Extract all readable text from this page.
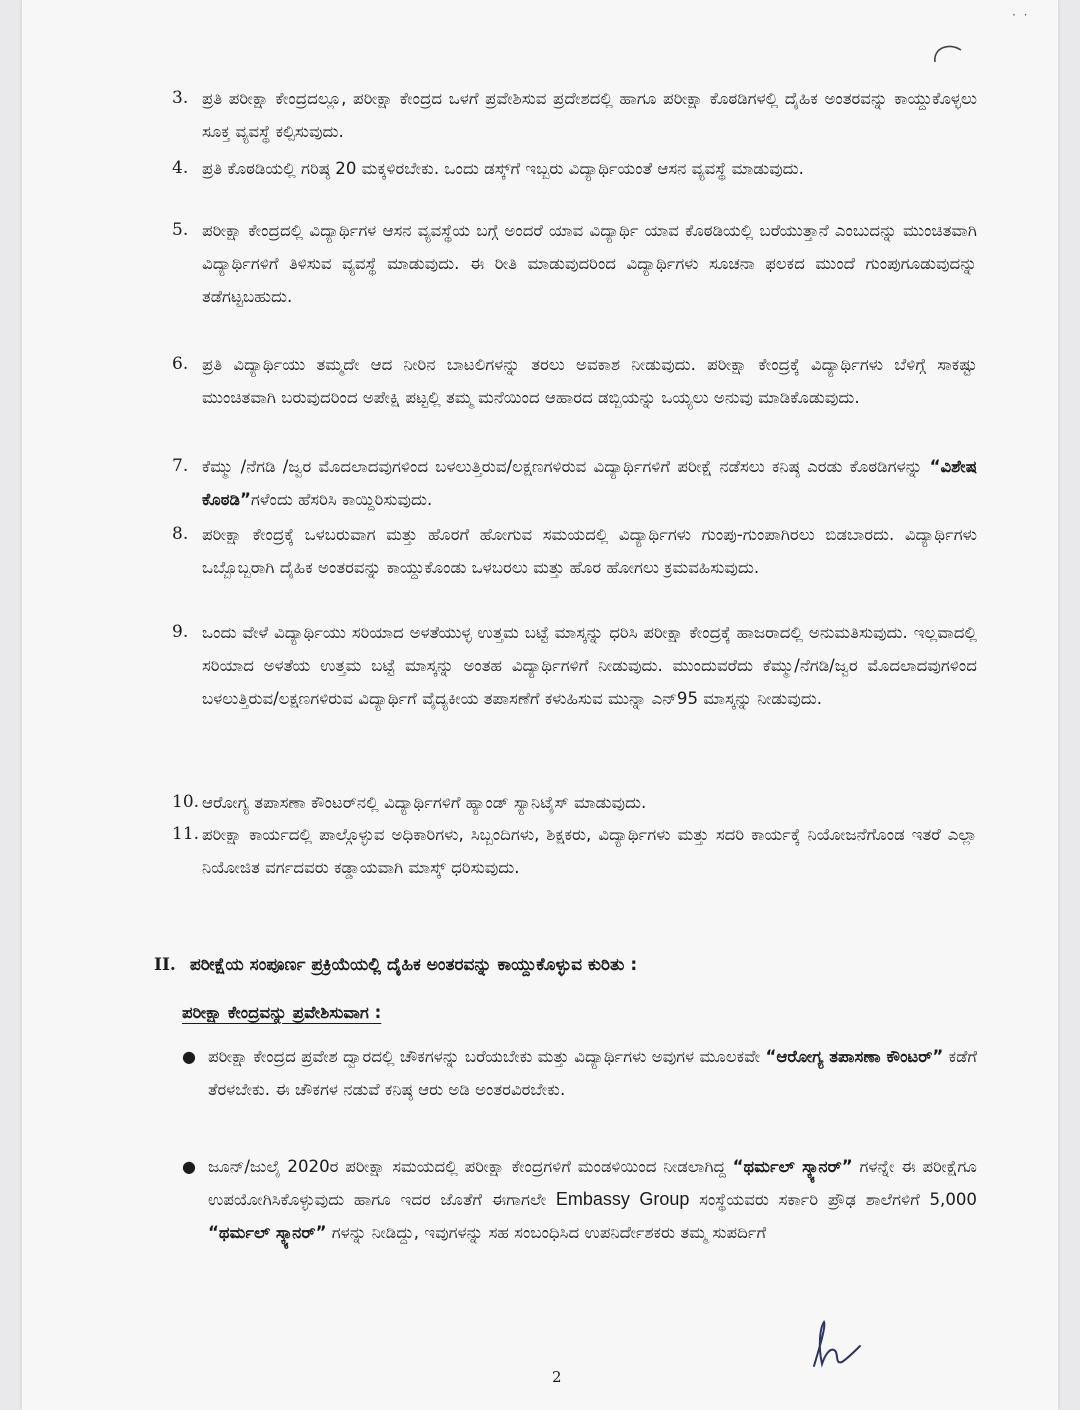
· ·
3. ಪ್ರತಿ ಪರೀಕ್ಷಾ ಕೇಂದ್ರದಲ್ಲೂ, ಪರೀಕ್ಷಾ ಕೇಂದ್ರದ ಒಳಗೆ ಪ್ರವೇಶಿಸುವ ಪ್ರದೇಶದಲ್ಲಿ ಹಾಗೂ ಪರೀಕ್ಷಾ ಕೊಠಡಿಗಳಲ್ಲಿ ದೈಹಿಕ ಅಂತರವನ್ನು ಕಾಯ್ದುಕೊಳ್ಳಲು ಸೂಕ್ತ ವ್ಯವಸ್ಥೆ ಕಲ್ಪಿಸುವುದು.
4. ಪ್ರತಿ ಕೊಠಡಿಯಲ್ಲಿ ಗರಿಷ್ಠ 20 ಮಕ್ಕಳಿರಬೇಕು. ಒಂದು ಡಸ್ಕ್‌ಗೆ ಇಬ್ಬರು ವಿದ್ಯಾರ್ಥಿಯಂತೆ ಆಸನ ವ್ಯವಸ್ಥೆ ಮಾಡುವುದು.
5. ಪರೀಕ್ಷಾ ಕೇಂದ್ರದಲ್ಲಿ ವಿದ್ಯಾರ್ಥಿಗಳ ಆಸನ ವ್ಯವಸ್ಥೆಯ ಬಗ್ಗೆ ಅಂದರೆ ಯಾವ ವಿದ್ಯಾರ್ಥಿ ಯಾವ ಕೊಠಡಿಯಲ್ಲಿ ಬರೆಯುತ್ತಾನೆ ಎಂಬುದನ್ನು ಮುಂಚಿತವಾಗಿ ವಿದ್ಯಾರ್ಥಿಗಳಿಗೆ ತಿಳಿಸುವ ವ್ಯವಸ್ಥೆ ಮಾಡುವುದು. ಈ ರೀತಿ ಮಾಡುವುದರಿಂದ ವಿದ್ಯಾರ್ಥಿಗಳು ಸೂಚನಾ ಫಲಕದ ಮುಂದೆ ಗುಂಪುಗೂಡುವುದನ್ನು ತಡೆಗಟ್ಟಬಹುದು.
6. ಪ್ರತಿ ವಿದ್ಯಾರ್ಥಿಯು ತಮ್ಮದೇ ಆದ ನೀರಿನ ಬಾಟಲಿಗಳನ್ನು ತರಲು ಅವಕಾಶ ನೀಡುವುದು. ಪರೀಕ್ಷಾ ಕೇಂದ್ರಕ್ಕೆ ವಿದ್ಯಾರ್ಥಿಗಳು ಬೆಳಿಗ್ಗೆ ಸಾಕಷ್ಟು ಮುಂಚಿತವಾಗಿ ಬರುವುದರಿಂದ ಅಪೇಕ್ಷಿ ಪಟ್ಟಲ್ಲಿ ತಮ್ಮ ಮನೆಯಿಂದ ಆಹಾರದ ಡಬ್ಬಿಯನ್ನು ಒಯ್ಯಲು ಅನುವು ಮಾಡಿಕೊಡುವುದು.
7. ಕೆಮ್ಮು /ನೆಗಡಿ /ಜ್ವರ ಮೊದಲಾದವುಗಳಿಂದ ಬಳಲುತ್ತಿರುವ/ಲಕ್ಷಣಗಳಿರುವ ವಿದ್ಯಾರ್ಥಿಗಳಿಗೆ ಪರೀಕ್ಷೆ ನಡೆಸಲು ಕನಿಷ್ಠ ಎರಡು ಕೊಠಡಿಗಳನ್ನು “ವಿಶೇಷ ಕೊಠಡಿ”ಗಳೆಂದು ಹೆಸರಿಸಿ ಕಾಯ್ದಿರಿಸುವುದು.
8. ಪರೀಕ್ಷಾ ಕೇಂದ್ರಕ್ಕೆ ಒಳಬರುವಾಗ ಮತ್ತು ಹೊರಗೆ ಹೋಗುವ ಸಮಯದಲ್ಲಿ ವಿದ್ಯಾರ್ಥಿಗಳು ಗುಂಪು-ಗುಂಪಾಗಿರಲು ಬಿಡಬಾರದು. ವಿದ್ಯಾರ್ಥಿಗಳು ಒಬ್ಬೊಬ್ಬರಾಗಿ ದೈಹಿಕ ಅಂತರವನ್ನು ಕಾಯ್ದುಕೊಂಡು ಒಳಬರಲು ಮತ್ತು ಹೊರ ಹೋಗಲು ಕ್ರಮವಹಿಸುವುದು.
9. ಒಂದು ವೇಳೆ ವಿದ್ಯಾರ್ಥಿಯು ಸರಿಯಾದ ಅಳತೆಯುಳ್ಳ ಉತ್ತಮ ಬಟ್ಟೆ ಮಾಸ್ಕನ್ನು ಧರಿಸಿ ಪರೀಕ್ಷಾ ಕೇಂದ್ರಕ್ಕೆ ಹಾಜರಾದಲ್ಲಿ ಅನುಮತಿಸುವುದು. ಇಲ್ಲವಾದಲ್ಲಿ ಸರಿಯಾದ ಅಳತೆಯ ಉತ್ತಮ ಬಟ್ಟೆ ಮಾಸ್ಕನ್ನು ಅಂತಹ ವಿದ್ಯಾರ್ಥಿಗಳಿಗೆ ನೀಡುವುದು. ಮುಂದುವರೆದು ಕೆಮ್ಮು/ನೆಗಡಿ/ಜ್ವರ ಮೊದಲಾದವುಗಳಿಂದ ಬಳಲುತ್ತಿರುವ/ಲಕ್ಷಣಗಳಿರುವ ವಿದ್ಯಾರ್ಥಿಗೆ ವೈದ್ಯಕೀಯ ತಪಾಸಣೆಗೆ ಕಳುಹಿಸುವ ಮುನ್ನಾ ಎನ್95 ಮಾಸ್ಕನ್ನು ನೀಡುವುದು.
10. ಆರೋಗ್ಯ ತಪಾಸಣಾ ಕೌಂಟರ್‌ನಲ್ಲಿ ವಿದ್ಯಾರ್ಥಿಗಳಿಗೆ ಹ್ಯಾಂಡ್ ಸ್ಯಾನಿಟೈಸ್ ಮಾಡುವುದು.
11. ಪರೀಕ್ಷಾ ಕಾರ್ಯದಲ್ಲಿ ಪಾಲ್ಗೊಳ್ಳುವ ಅಧಿಕಾರಿಗಳು, ಸಿಬ್ಬಂದಿಗಳು, ಶಿಕ್ಷಕರು, ವಿದ್ಯಾರ್ಥಿಗಳು ಮತ್ತು ಸದರಿ ಕಾರ್ಯಕ್ಕೆ ನಿಯೋಜನೆಗೊಂಡ ಇತರೆ ಎಲ್ಲಾ ನಿಯೋಜಿತ ವರ್ಗದವರು ಕಡ್ಡಾಯವಾಗಿ ಮಾಸ್ಕ್ ಧರಿಸುವುದು.
II. ಪರೀಕ್ಷೆಯ ಸಂಪೂರ್ಣ ಪ್ರಕ್ರಿಯೆಯಲ್ಲಿ ದೈಹಿಕ ಅಂತರವನ್ನು ಕಾಯ್ದುಕೊಳ್ಳುವ ಕುರಿತು :
ಪರೀಕ್ಷಾ ಕೇಂದ್ರವನ್ನು ಪ್ರವೇಶಿಸುವಾಗ :
● ಪರೀಕ್ಷಾ ಕೇಂದ್ರದ ಪ್ರವೇಶ ದ್ವಾರದಲ್ಲಿ ಚೌಕಗಳನ್ನು ಬರೆಯಬೇಕು ಮತ್ತು ವಿದ್ಯಾರ್ಥಿಗಳು ಅವುಗಳ ಮೂಲಕವೇ “ಆರೋಗ್ಯ ತಪಾಸಣಾ ಕೌಂಟರ್” ಕಡೆಗೆ ತೆರಳಬೇಕು. ಈ ಚೌಕಗಳ ನಡುವೆ ಕನಿಷ್ಠ ಆರು ಅಡಿ ಅಂತರವಿರಬೇಕು.
● ಜೂನ್/ಜುಲೈ 2020ರ ಪರೀಕ್ಷಾ ಸಮಯದಲ್ಲಿ ಪರೀಕ್ಷಾ ಕೇಂದ್ರಗಳಿಗೆ ಮಂಡಳಿಯಿಂದ ನೀಡಲಾಗಿದ್ದ “ಥರ್ಮಲ್ ಸ್ಕ್ಯಾನರ್” ಗಳನ್ನೇ ಈ ಪರೀಕ್ಷೆಗೂ ಉಪಯೋಗಿಸಿಕೊಳ್ಳುವುದು ಹಾಗೂ ಇದರ ಜೊತೆಗೆ ಈಗಾಗಲೇ Embassy Group ಸಂಸ್ಥೆಯವರು ಸರ್ಕಾರಿ ಪ್ರೌಢ ಶಾಲೆಗಳಿಗೆ 5,000 “ಥರ್ಮಲ್ ಸ್ಕ್ಯಾನರ್” ಗಳನ್ನು ನೀಡಿದ್ದು, ಇವುಗಳನ್ನು ಸಹ ಸಂಬಂಧಿಸಿದ ಉಪನಿರ್ದೇಶಕರು ತಮ್ಮ ಸುಪರ್ದಿಗೆ
2
